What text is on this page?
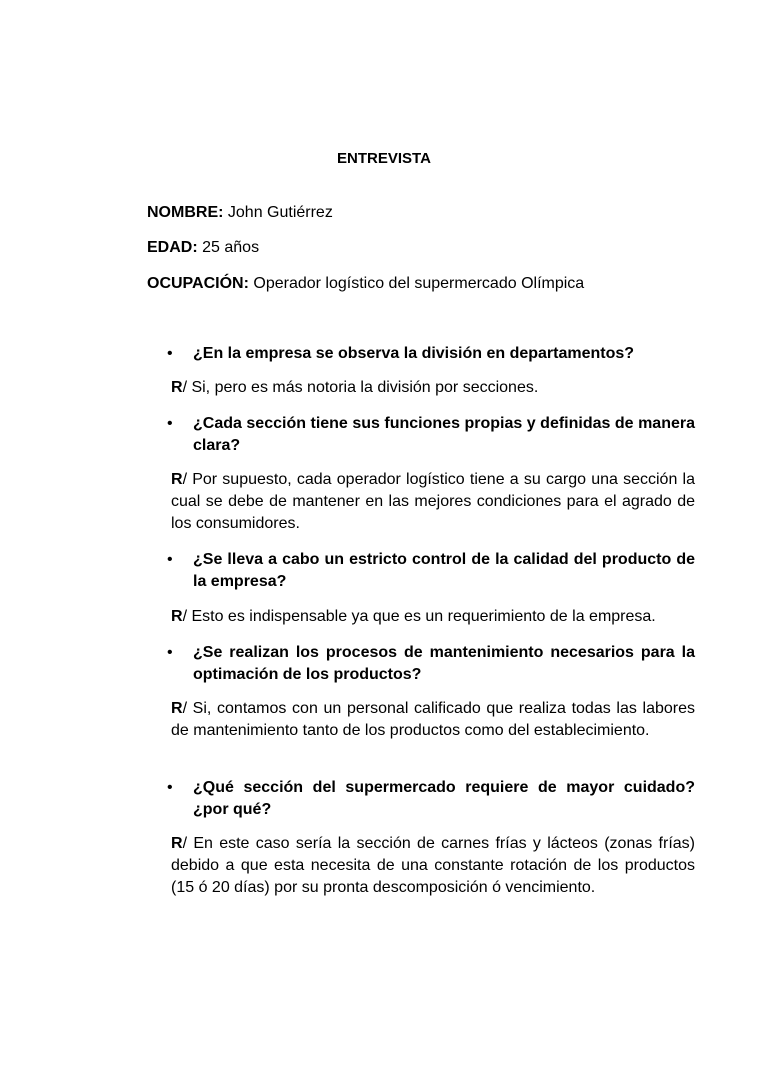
ENTREVISTA
NOMBRE: John Gutiérrez
EDAD: 25 años
OCUPACIÓN: Operador logístico del supermercado Olímpica
• ¿En la empresa se observa la división en departamentos?
R/ Si, pero es más notoria la división por secciones.
• ¿Cada sección tiene sus funciones propias y definidas de manera clara?
R/ Por supuesto, cada operador logístico tiene a su cargo una sección la cual se debe de mantener en las mejores condiciones para el agrado de los consumidores.
• ¿Se lleva a cabo un estricto control de la calidad del producto de la empresa?
R/ Esto es indispensable ya que es un requerimiento de la empresa.
• ¿Se realizan los procesos de mantenimiento necesarios para la optimación de los productos?
R/ Si, contamos con un personal calificado que realiza todas las labores de mantenimiento tanto de los productos como del establecimiento.
• ¿Qué sección del supermercado requiere de mayor cuidado? ¿por qué?
R/ En este caso sería la sección de carnes frías y lácteos (zonas frías) debido a que esta necesita de una constante rotación de los productos (15 ó 20 días) por su pronta descomposición ó vencimiento.
